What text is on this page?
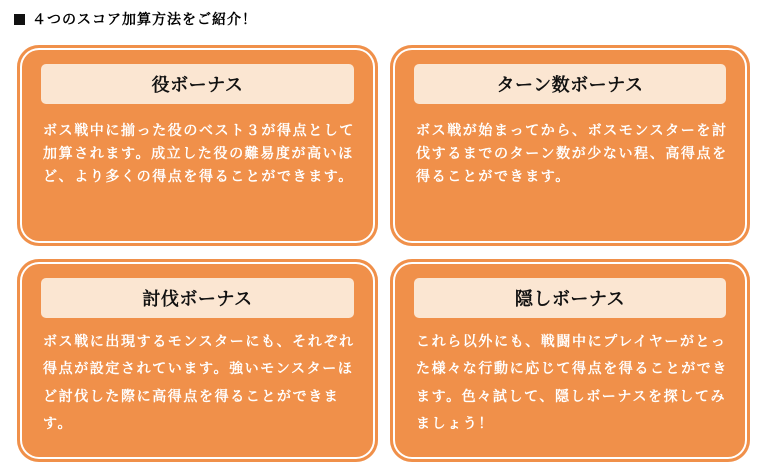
４つのスコア加算方法をご紹介！
役ボーナス

ボス戦中に揃った役のベスト３が得点として加算されます。成立した役の難易度が高いほど、より多くの得点を得ることができます。

ターン数ボーナス

ボス戦が始まってから、ボスモンスターを討伐するまでのターン数が少ない程、高得点を得ることができます。

討伐ボーナス

ボス戦に出現するモンスターにも、それぞれ得点が設定されています。強いモンスターほど討伐した際に高得点を得ることができます。

隠しボーナス

これら以外にも、戦闘中にプレイヤーがとった様々な行動に応じて得点を得ることができます。色々試して、隠しボーナスを探してみましょう！
